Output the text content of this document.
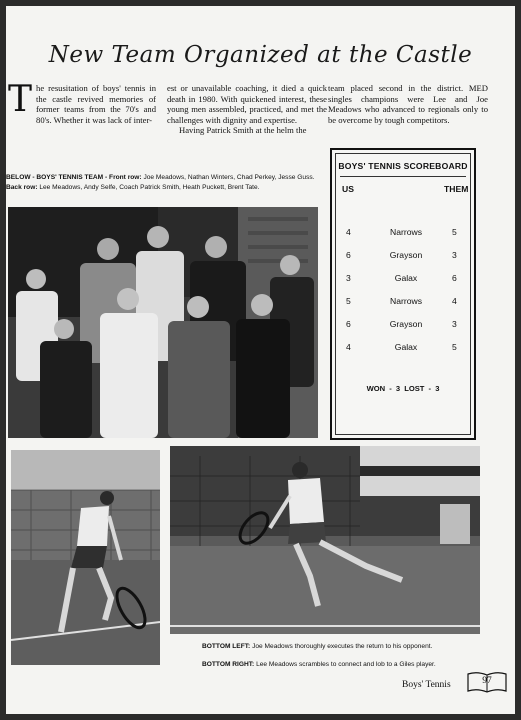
New Team Organized at the Castle
The resusitation of boys' tennis in the castle revived memories of former teams from the 70's and 80's. Whether it was lack of inter-
est or unavailable coaching, it died a quick death in 1980. With quickened interest, these young men assembled, practiced, and met the challenges with dignity and expertise.
Having Patrick Smith at the helm the
team placed second in the district. MED singles champions were Lee and Joe Meadows who advanced to regionals only to be overcome by tough competitors.
BELOW - BOYS' TENNIS TEAM - Front row: Joe Meadows, Nathan Winters, Chad Perkey, Jesse Guss. Back row: Lee Meadows, Andy Selfe, Coach Patrick Smith, Heath Puckett, Brent Tate.
BOYS' TENNIS SCOREBOARD
US	THEM
4	Narrows	5
6	Grayson	3
3	Galax	6
5	Narrows	4
6	Grayson	3
4	Galax	5
WON - 3 LOST - 3
BOTTOM LEFT: Joe Meadows thoroughly executes the return to his opponent.
BOTTOM RIGHT: Lee Meadows scrambles to connect and lob to a Giles player.
Boys' Tennis	97
